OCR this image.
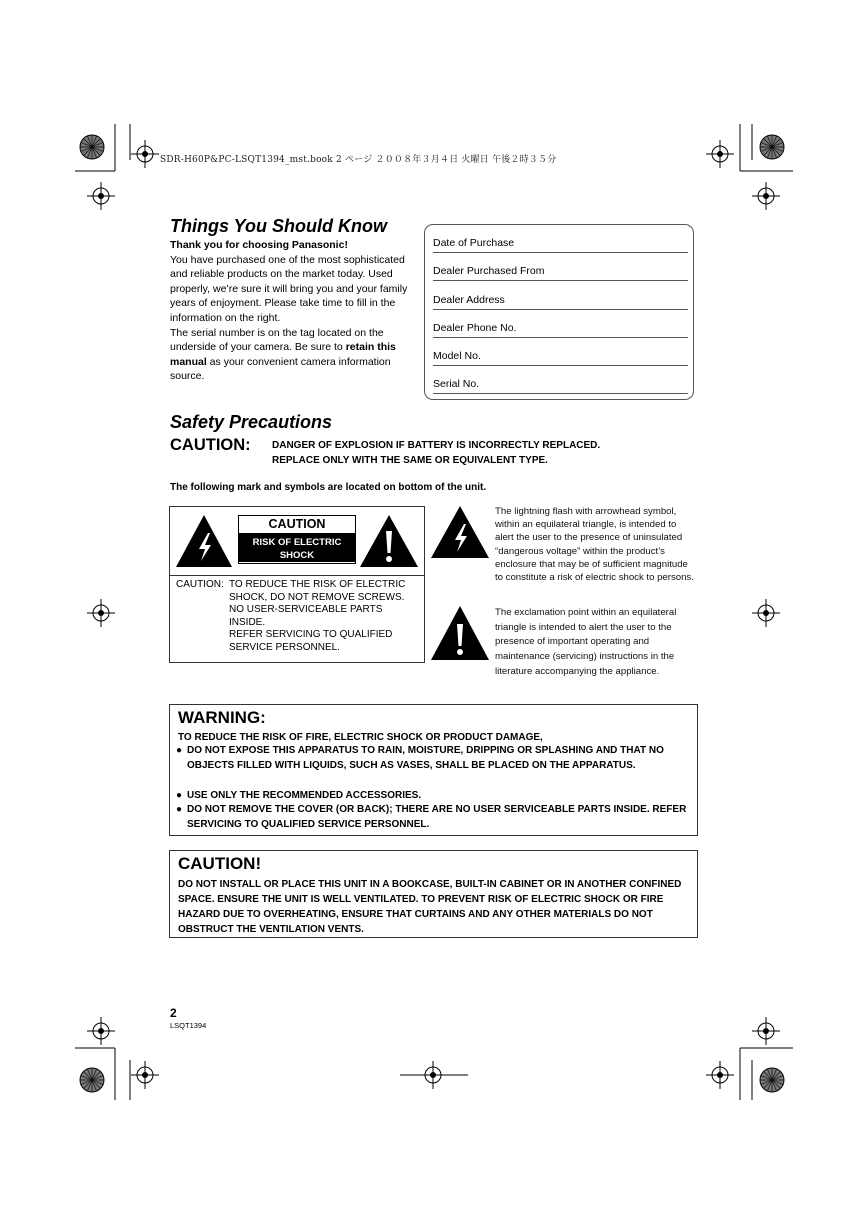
SDR-H60P&PC-LSQT1394_mst.book 2 ページ ２００８年３月４日 火曜日 午後２時３５分
Things You Should Know

Thank you for choosing Panasonic!

You have purchased one of the most sophisticated and reliable products on the market today. Used properly, we’re sure it will bring you and your family years of enjoyment. Please take time to fill in the information on the right.

The serial number is on the tag located on the underside of your camera. Be sure to retain this manual as your convenient camera information source.

Date of Purchase
Dealer Purchased From
Dealer Address
Dealer Phone No.
Model No.
Serial No.
Safety Precautions
CAUTION: DANGER OF EXPLOSION IF BATTERY IS INCORRECTLY REPLACED.
REPLACE ONLY WITH THE SAME OR EQUIVALENT TYPE.
The following mark and symbols are located on bottom of the unit.
CAUTION
RISK OF ELECTRIC SHOCK
DO NOT OPEN
CAUTION: TO REDUCE THE RISK OF ELECTRIC
SHOCK, DO NOT REMOVE SCREWS.
NO USER-SERVICEABLE PARTS
INSIDE.
REFER SERVICING TO QUALIFIED
SERVICE PERSONNEL.
The lightning flash with arrowhead symbol, within an equilateral triangle, is intended to alert the user to the presence of uninsulated “dangerous voltage” within the product’s enclosure that may be of sufficient magnitude to constitute a risk of electric shock to persons.
The exclamation point within an equilateral triangle is intended to alert the user to the presence of important operating and maintenance (servicing) instructions in the literature accompanying the appliance.
WARNING:
TO REDUCE THE RISK OF FIRE, ELECTRIC SHOCK OR PRODUCT DAMAGE,
● DO NOT EXPOSE THIS APPARATUS TO RAIN, MOISTURE, DRIPPING OR SPLASHING AND THAT NO OBJECTS FILLED WITH LIQUIDS, SUCH AS VASES, SHALL BE PLACED ON THE APPARATUS.
● USE ONLY THE RECOMMENDED ACCESSORIES.
● DO NOT REMOVE THE COVER (OR BACK); THERE ARE NO USER SERVICEABLE PARTS INSIDE. REFER SERVICING TO QUALIFIED SERVICE PERSONNEL.
CAUTION!
DO NOT INSTALL OR PLACE THIS UNIT IN A BOOKCASE, BUILT-IN CABINET OR IN ANOTHER CONFINED SPACE. ENSURE THE UNIT IS WELL VENTILATED. TO PREVENT RISK OF ELECTRIC SHOCK OR FIRE HAZARD DUE TO OVERHEATING, ENSURE THAT CURTAINS AND ANY OTHER MATERIALS DO NOT OBSTRUCT THE VENTILATION VENTS.
2
LSQT1394
